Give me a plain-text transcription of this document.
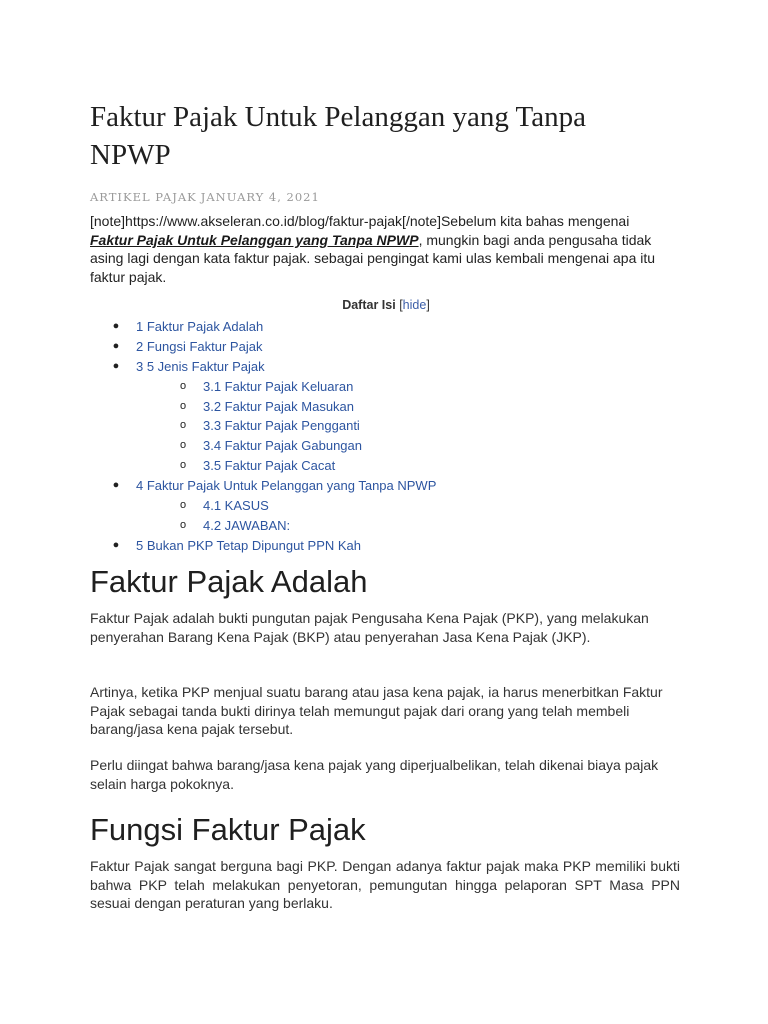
Faktur Pajak Untuk Pelanggan yang Tanpa NPWP
ARTIKEL PAJAK JANUARY 4, 2021

[note]https://www.akseleran.co.id/blog/faktur-pajak[/note]Sebelum kita bahas mengenai Faktur Pajak Untuk Pelanggan yang Tanpa NPWP, mungkin bagi anda pengusaha tidak asing lagi dengan kata faktur pajak. sebagai pengingat kami ulas kembali mengenai apa itu faktur pajak.

Daftar Isi [hide]
● 1 Faktur Pajak Adalah
● 2 Fungsi Faktur Pajak
● 3 5 Jenis Faktur Pajak
o 3.1 Faktur Pajak Keluaran
o 3.2 Faktur Pajak Masukan
o 3.3 Faktur Pajak Pengganti
o 3.4 Faktur Pajak Gabungan
o 3.5 Faktur Pajak Cacat
● 4 Faktur Pajak Untuk Pelanggan yang Tanpa NPWP
o 4.1 KASUS
o 4.2 JAWABAN:
● 5 Bukan PKP Tetap Dipungut PPN Kah
Faktur Pajak Adalah

Faktur Pajak adalah bukti pungutan pajak Pengusaha Kena Pajak (PKP), yang melakukan penyerahan Barang Kena Pajak (BKP) atau penyerahan Jasa Kena Pajak (JKP).

Artinya, ketika PKP menjual suatu barang atau jasa kena pajak, ia harus menerbitkan Faktur Pajak sebagai tanda bukti dirinya telah memungut pajak dari orang yang telah membeli barang/jasa kena pajak tersebut.

Perlu diingat bahwa barang/jasa kena pajak yang diperjualbelikan, telah dikenai biaya pajak selain harga pokoknya.

Fungsi Faktur Pajak

Faktur Pajak sangat berguna bagi PKP. Dengan adanya faktur pajak maka PKP memiliki bukti bahwa PKP telah melakukan penyetoran, pemungutan hingga pelaporan SPT Masa PPN sesuai dengan peraturan yang berlaku.
